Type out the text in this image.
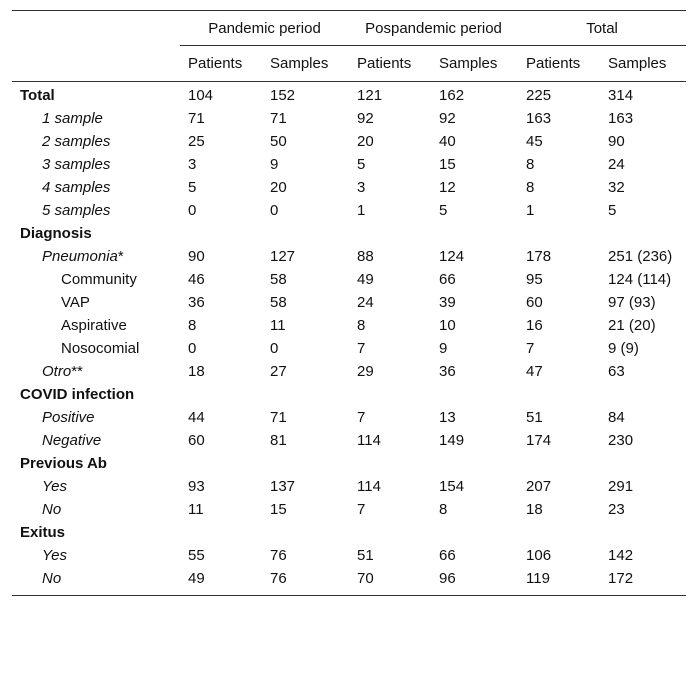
	Pandemic period		Pospandemic period		Total	
	Patients	Samples	Patients	Samples	Patients	Samples
Total	104	152	121	162	225	314
1 sample	71	71	92	92	163	163
2 samples	25	50	20	40	45	90
3 samples	3	9	5	15	8	24
4 samples	5	20	3	12	8	32
5 samples	0	0	1	5	1	5
Diagnosis						
Pneumonia*	90	127	88	124	178	251 (236)
Community	46	58	49	66	95	124 (114)
VAP	36	58	24	39	60	97 (93)
Aspirative	8	11	8	10	16	21 (20)
Nosocomial	0	0	7	9	7	9 (9)
Otro**	18	27	29	36	47	63
COVID infection						
Positive	44	71	7	13	51	84
Negative	60	81	114	149	174	230
Previous Ab						
Yes	93	137	114	154	207	291
No	11	15	7	8	18	23
Exitus						
Yes	55	76	51	66	106	142
No	49	76	70	96	119	172
